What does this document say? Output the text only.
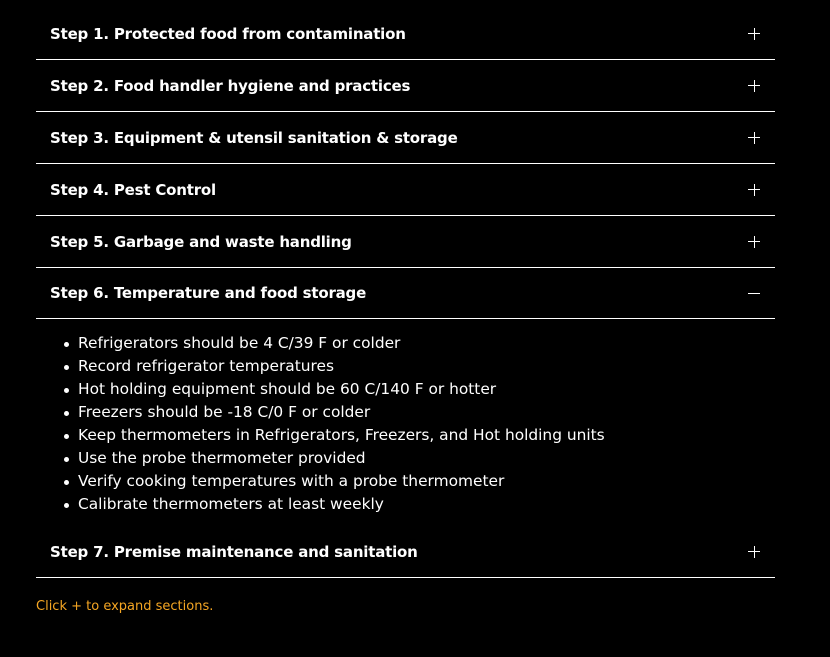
Step 1. Protected food from contamination
Step 2. Food handler hygiene and practices
Step 3. Equipment & utensil sanitation & storage
Step 4. Pest Control
Step 5. Garbage and waste handling
Step 6. Temperature and food storage
Refrigerators should be 4 C/39 F or colder
Record refrigerator temperatures
Hot holding equipment should be 60 C/140 F or hotter
Freezers should be -18 C/0 F or colder
Keep thermometers in Refrigerators, Freezers, and Hot holding units
Use the probe thermometer provided
Verify cooking temperatures with a probe thermometer
Calibrate thermometers at least weekly
Step 7. Premise maintenance and sanitation
Click + to expand sections.
